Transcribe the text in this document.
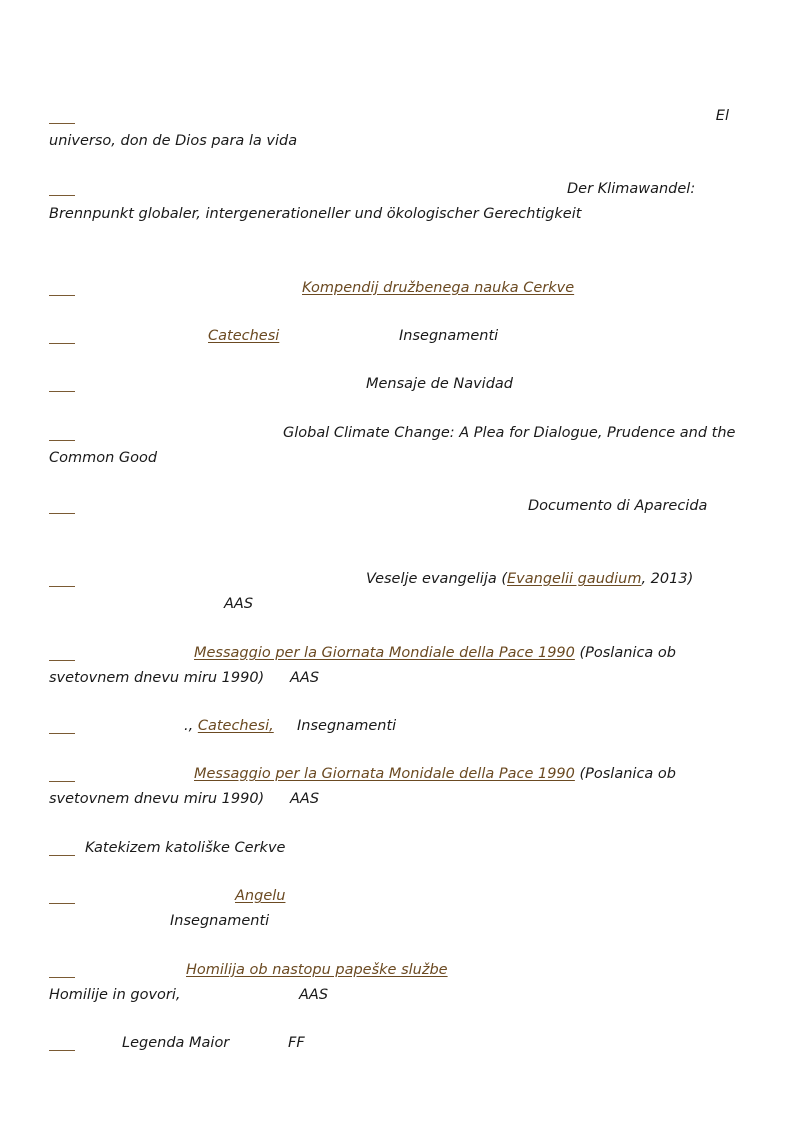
El
universo, don de Dios para la vida
Der Klimawandel:
Brennpunkt globaler, intergenerationeller und ökologischer Gerechtigkeit
Kompendij družbenega nauka Cerkve
Catechesi	Insegnamenti
Mensaje de Navidad
Global Climate Change: A Plea for Dialogue, Prudence and the
Common Good
Documento di Aparecida
Veselje evangelija (Evangelii gaudium, 2013)
AAS
Messaggio per la Giornata Mondiale della Pace 1990 (Poslanica ob
svetovnem dnevu miru 1990) AAS
., Catechesi, Insegnamenti
Messaggio per la Giornata Monidale della Pace 1990 (Poslanica ob
svetovnem dnevu miru 1990) AAS
Katekizem katoliške Cerkve
Angelu
Insegnamenti
Homilija ob nastopu papeške službe
Homilije in govori,	AAS
Legenda Maior	FF
